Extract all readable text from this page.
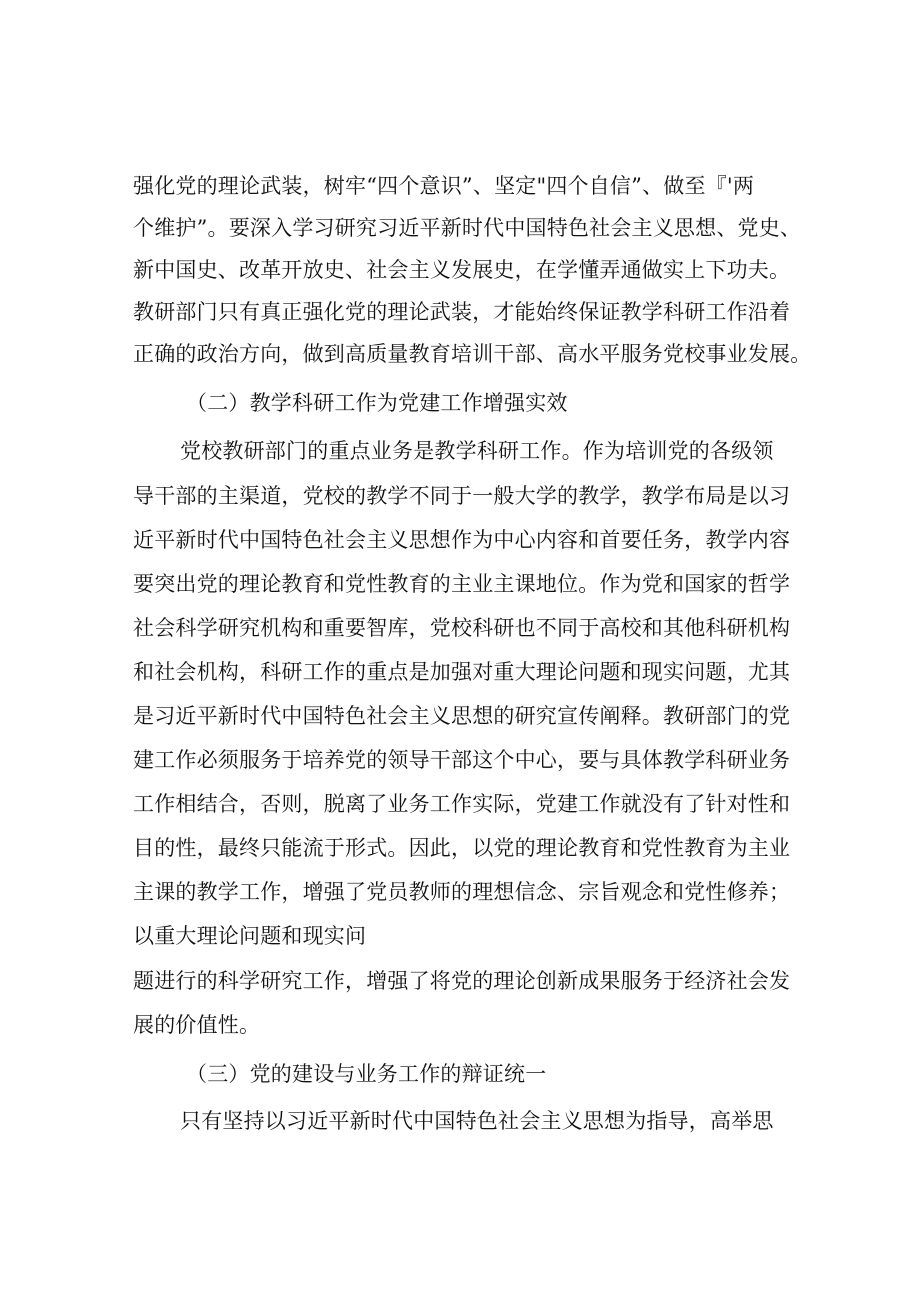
强化党的理论武装，树牢“四个意识”、坚定"四个自信”、做至『'两
个维护”。要深入学习研究习近平新时代中国特色社会主义思想、党史、
新中国史、改革开放史、社会主义发展史，在学懂弄通做实上下功夫。
教研部门只有真正强化党的理论武装，才能始终保证教学科研工作沿着
正确的政治方向，做到高质量教育培训干部、高水平服务党校事业发展。
（二）教学科研工作为党建工作增强实效
党校教研部门的重点业务是教学科研工作。作为培训党的各级领
导干部的主渠道，党校的教学不同于一般大学的教学，教学布局是以习
近平新时代中国特色社会主义思想作为中心内容和首要任务，教学内容
要突出党的理论教育和党性教育的主业主课地位。作为党和国家的哲学
社会科学研究机构和重要智库，党校科研也不同于高校和其他科研机构
和社会机构，科研工作的重点是加强对重大理论问题和现实问题，尤其
是习近平新时代中国特色社会主义思想的研究宣传阐释。教研部门的党
建工作必须服务于培养党的领导干部这个中心，要与具体教学科研业务
工作相结合，否则，脱离了业务工作实际，党建工作就没有了针对性和
目的性，最终只能流于形式。因此，以党的理论教育和党性教育为主业
主课的教学工作，增强了党员教师的理想信念、宗旨观念和党性修养；
以重大理论问题和现实问
题进行的科学研究工作，增强了将党的理论创新成果服务于经济社会发
展的价值性。
（三）党的建设与业务工作的辩证统一
只有坚持以习近平新时代中国特色社会主义思想为指导，高举思
